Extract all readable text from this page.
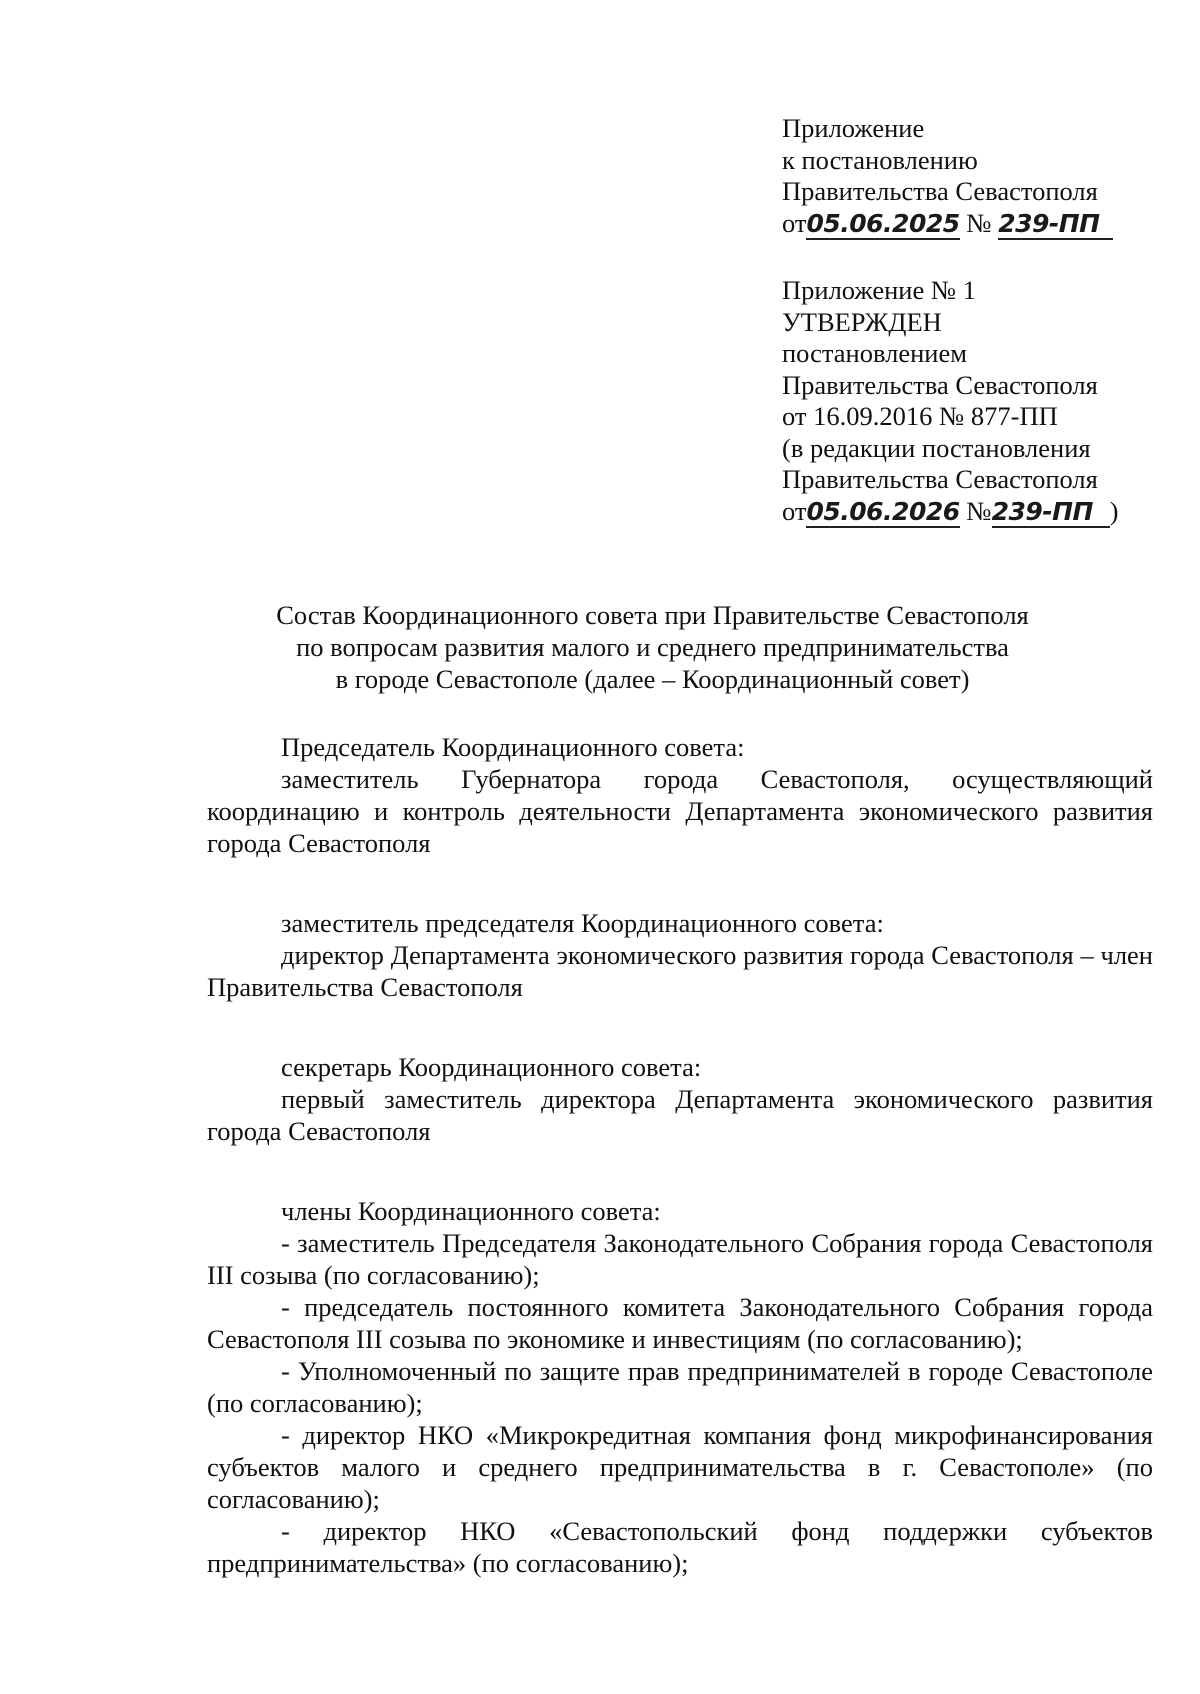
Приложение
к постановлению
Правительства Севастополя
от05.06.2025 № 239-ПП
Приложение № 1
УТВЕРЖДЕН
постановлением
Правительства Севастополя
от 16.09.2016 № 877-ПП
(в редакции постановления
Правительства Севастополя
от05.06.2026 №239-ПП )
Состав Координационного совета при Правительстве Севастополя
по вопросам развития малого и среднего предпринимательства
в городе Севастополе (далее – Координационный совет)

Председатель Координационного совета:

заместитель Губернатора города Севастополя, осуществляющий координацию и контроль деятельности Департамента экономического развития города Севастополя

заместитель председателя Координационного совета:

директор Департамента экономического развития города Севастополя – член Правительства Севастополя

секретарь Координационного совета:

первый заместитель директора Департамента экономического развития города Севастополя

члены Координационного совета:

- заместитель Председателя Законодательного Собрания города Севастополя III созыва (по согласованию);

- председатель постоянного комитета Законодательного Собрания города Севастополя III созыва по экономике и инвестициям (по согласованию);

- Уполномоченный по защите прав предпринимателей в городе Севастополе (по согласованию);

- директор НКО «Микрокредитная компания фонд микрофинансирования субъектов малого и среднего предпринимательства в г. Севастополе» (по согласованию);

- директор НКО «Севастопольский фонд поддержки субъектов предпринимательства» (по согласованию);
